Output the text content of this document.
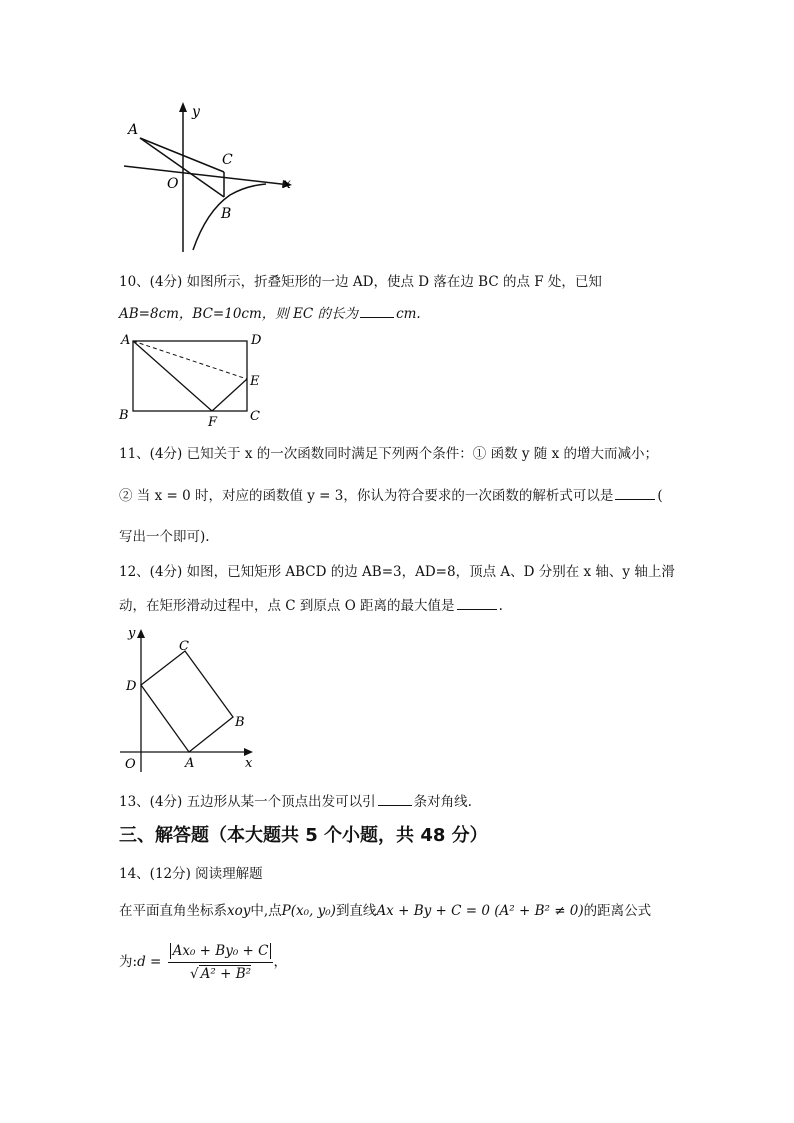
y
A
C
O	x
B
10、(4分) 如图所示，折叠矩形的一边 AD，使点 D 落在边 BC 的点 F 处，已知
AB=8cm，BC=10cm，则 EC 的长为	cm.
A	D
E
B	F	C
11、(4分) 已知关于 x 的一次函数同时满足下列两个条件：① 函数 y 随 x 的增大而减小；
② 当 x = 0 时，对应的函数值 y = 3，你认为符合要求的一次函数的解析式可以是	(
写出一个即可).
12、(4分) 如图，已知矩形 ABCD 的边 AB=3，AD=8，顶点 A、D 分别在 x 轴、y 轴上滑
动，在矩形滑动过程中，点 C 到原点 O 距离的最大值是	.
y
C
D
B
O	A	x
13、(4分) 五边形从某一个顶点出发可以引	条对角线.
三、解答题（本大题共 5 个小题，共 48 分）
14、(12分) 阅读理解题
在平面直角坐标系xoy中,点P(x₀, y₀)到直线Ax + By + C = 0 (A² + B² ≠ 0)的距离公式
为:d = $\frac{\text{Ax₀ + By₀ + C}}{\text{√ A² + B²}}$ ，
